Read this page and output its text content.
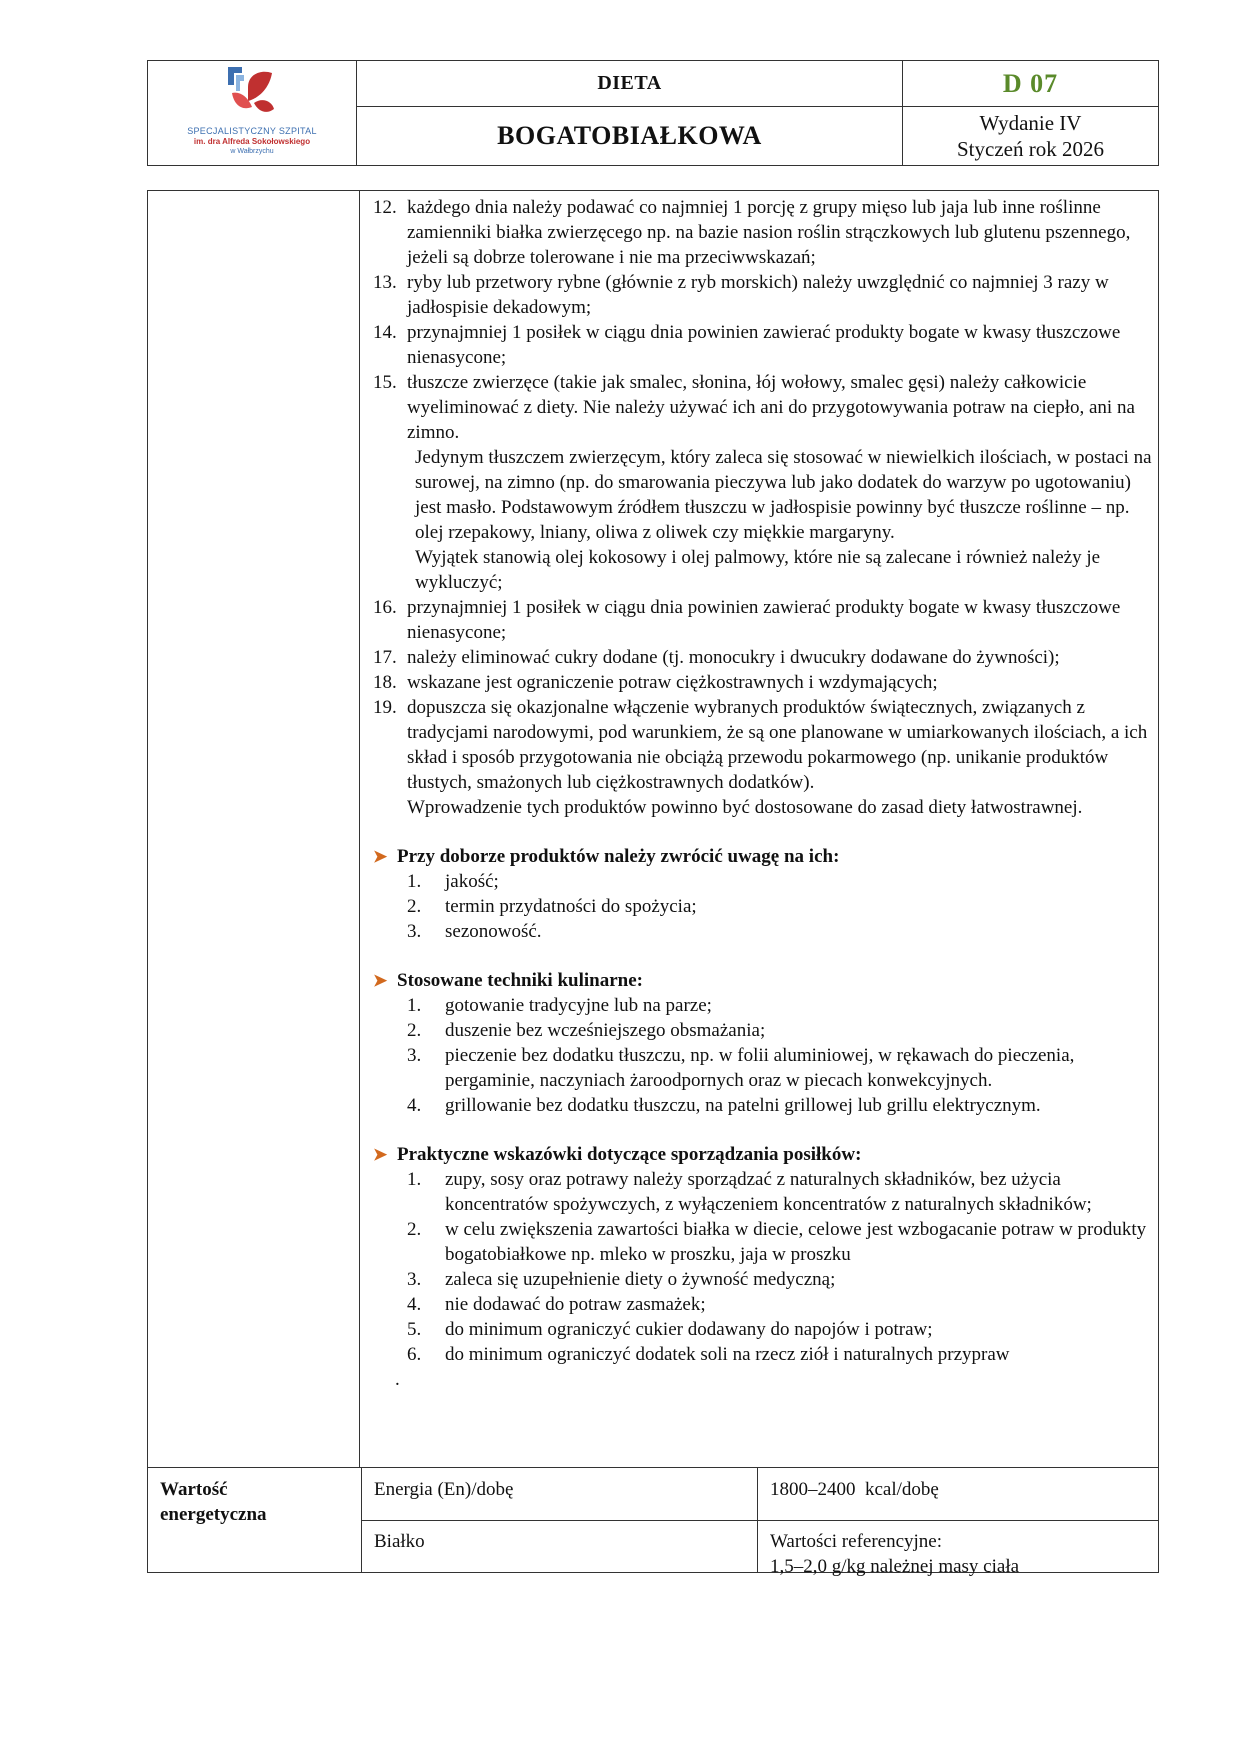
SPECJALISTYCZNY SZPITAL
im. dra Alfreda Sokołowskiego
w Wałbrzychu
DIETA
BOGATOBIAŁKOWA
D 07
Wydanie IV
Styczeń rok 2026
12. każdego dnia należy podawać co najmniej 1 porcję z grupy mięso lub jaja lub inne roślinne zamienniki białka zwierzęcego np. na bazie nasion roślin strączkowych lub glutenu pszennego, jeżeli są dobrze tolerowane i nie ma przeciwwskazań;
13. ryby lub przetwory rybne (głównie z ryb morskich) należy uwzględnić co najmniej 3 razy w jadłospisie dekadowym;
14. przynajmniej 1 posiłek w ciągu dnia powinien zawierać produkty bogate w kwasy tłuszczowe nienasycone;
15. tłuszcze zwierzęce (takie jak smalec, słonina, łój wołowy, smalec gęsi) należy całkowicie wyeliminować z diety. Nie należy używać ich ani do przygotowywania potraw na ciepło, ani na zimno.
Jedynym tłuszczem zwierzęcym, który zaleca się stosować w niewielkich ilościach, w postaci na surowej, na zimno (np. do smarowania pieczywa lub jako dodatek do warzyw po ugotowaniu) jest masło. Podstawowym źródłem tłuszczu w jadłospisie powinny być tłuszcze roślinne – np. olej rzepakowy, lniany, oliwa z oliwek czy miękkie margaryny.
Wyjątek stanowią olej kokosowy i olej palmowy, które nie są zalecane i również należy je wykluczyć;
16. przynajmniej 1 posiłek w ciągu dnia powinien zawierać produkty bogate w kwasy tłuszczowe nienasycone;
17. należy eliminować cukry dodane (tj. monocukry i dwucukry dodawane do żywności);
18. wskazane jest ograniczenie potraw ciężkostrawnych i wzdymających;
19. dopuszcza się okazjonalne włączenie wybranych produktów świątecznych, związanych z tradycjami narodowymi, pod warunkiem, że są one planowane w umiarkowanych ilościach, a ich skład i sposób przygotowania nie obciążą przewodu pokarmowego (np. unikanie produktów tłustych, smażonych lub ciężkostrawnych dodatków).
Wprowadzenie tych produktów powinno być dostosowane do zasad diety łatwostrawnej.
➤ Przy doborze produktów należy zwrócić uwagę na ich:
1. jakość;
2. termin przydatności do spożycia;
3. sezonowość.
➤ Stosowane techniki kulinarne:
1. gotowanie tradycyjne lub na parze;
2. duszenie bez wcześniejszego obsmażania;
3. pieczenie bez dodatku tłuszczu, np. w folii aluminiowej, w rękawach do pieczenia, pergaminie, naczyniach żaroodpornych oraz w piecach konwekcyjnych.
4. grillowanie bez dodatku tłuszczu, na patelni grillowej lub grillu elektrycznym.
➤ Praktyczne wskazówki dotyczące sporządzania posiłków:
1. zupy, sosy oraz potrawy należy sporządzać z naturalnych składników, bez użycia koncentratów spożywczych, z wyłączeniem koncentratów z naturalnych składników;
2. w celu zwiększenia zawartości białka w diecie, celowe jest wzbogacanie potraw w produkty bogatobiałkowe np. mleko w proszku, jaja w proszku
3. zaleca się uzupełnienie diety o żywność medyczną;
4. nie dodawać do potraw zasmażek;
5. do minimum ograniczyć cukier dodawany do napojów i potraw;
6. do minimum ograniczyć dodatek soli na rzecz ziół i naturalnych przypraw
.
Wartość energetyczna
Energia (En)/dobę
Białko
1800–2400  kcal/dobę
Wartości referencyjne:
1,5–2,0 g/kg należnej masy ciała
